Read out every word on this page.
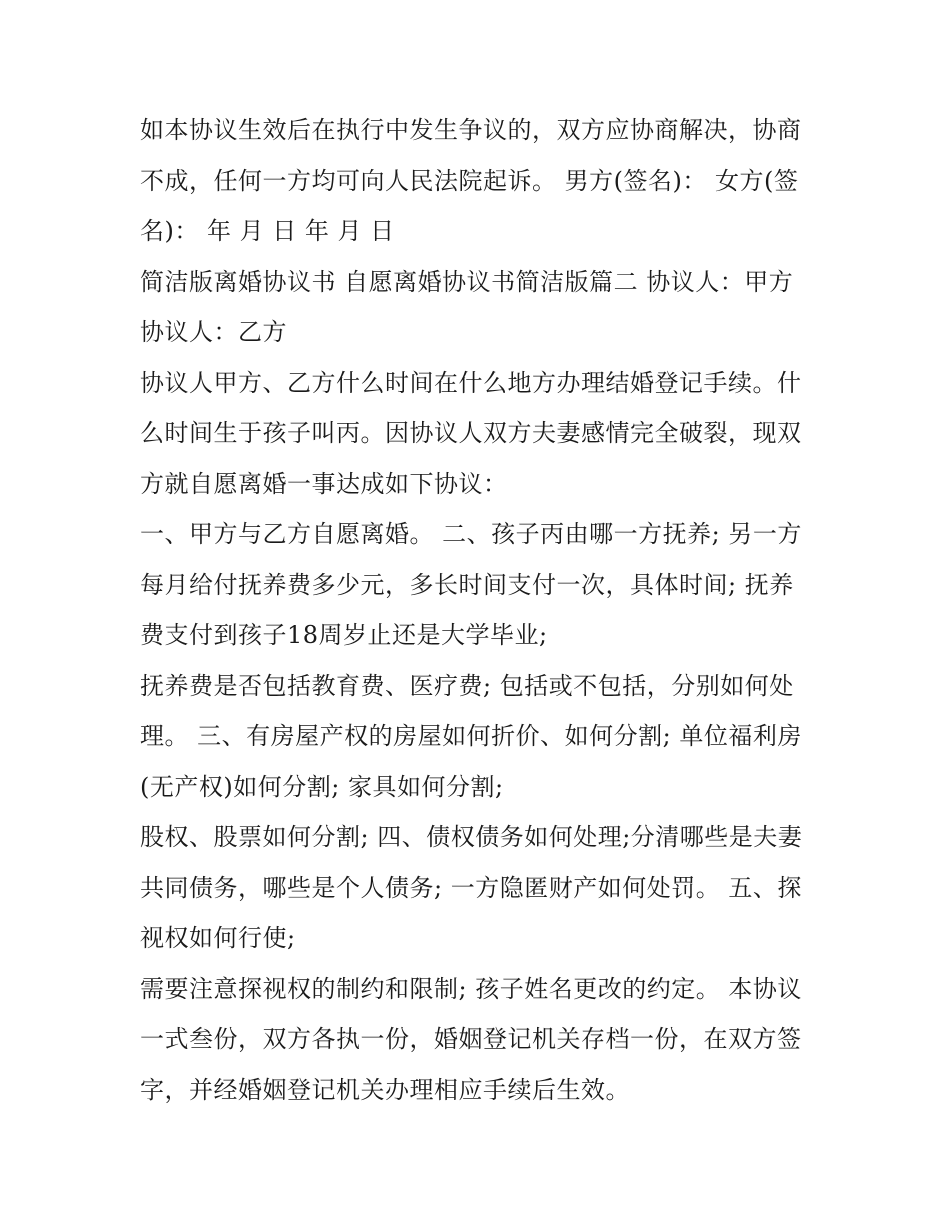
如本协议生效后在执行中发生争议的，双方应协商解决，协商不成，任何一方均可向人民法院起诉。 男方(签名)： 女方(签名)： 年 月 日 年 月 日

简洁版离婚协议书 自愿离婚协议书简洁版篇二 协议人：甲方 协议人：乙方

协议人甲方、乙方什么时间在什么地方办理结婚登记手续。什么时间生于孩子叫丙。因协议人双方夫妻感情完全破裂，现双方就自愿离婚一事达成如下协议：

一、甲方与乙方自愿离婚。 二、孩子丙由哪一方抚养; 另一方每月给付抚养费多少元，多长时间支付一次，具体时间; 抚养费支付到孩子18周岁止还是大学毕业;

抚养费是否包括教育费、医疗费; 包括或不包括，分别如何处理。 三、有房屋产权的房屋如何折价、如何分割; 单位福利房(无产权)如何分割; 家具如何分割;

股权、股票如何分割; 四、债权债务如何处理;分清哪些是夫妻共同债务，哪些是个人债务; 一方隐匿财产如何处罚。 五、探视权如何行使;

需要注意探视权的制约和限制; 孩子姓名更改的约定。 本协议一式叁份，双方各执一份，婚姻登记机关存档一份，在双方签字，并经婚姻登记机关办理相应手续后生效。
